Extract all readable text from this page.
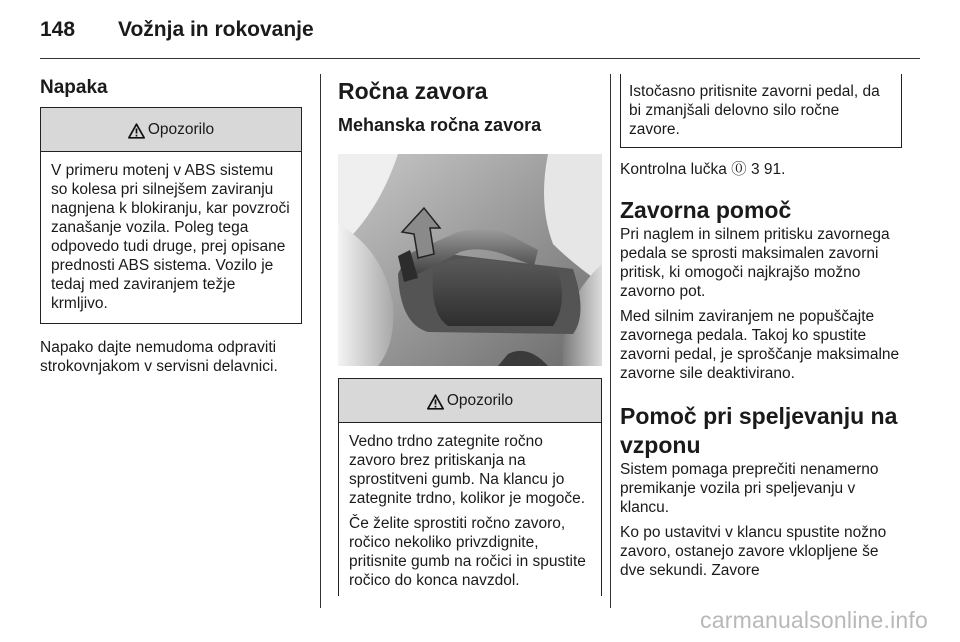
148 Vožnja in rokovanje
Napaka
Opozorilo

V primeru motenj v ABS sistemu so kolesa pri silnejšem zaviranju nagnjena k blokiranju, kar povzroči zanašanje vozila. Poleg tega odpovedo tudi druge, prej opisane prednosti ABS sistema. Vozilo je tedaj med zaviranjem težje krmljivo.

Napako dajte nemudoma odpraviti strokovnjakom v servisni delavnici.

Ročna zavora
Mehanska ročna zavora
Opozorilo

Vedno trdno zategnite ročno zavoro brez pritiskanja na sprostitveni gumb. Na klancu jo zategnite trdno, kolikor je mogoče.

Če želite sprostiti ročno zavoro, ročico nekoliko privzdignite, pritisnite gumb na ročici in spustite ročico do konca navzdol.

Istočasno pritisnite zavorni pedal, da bi zmanjšali delovno silo ročne zavore.

Kontrolna lučka ⓪ 3 91.

Zavorna pomoč

Pri naglem in silnem pritisku zavornega pedala se sprosti maksimalen zavorni pritisk, ki omogoči najkrajšo možno zavorno pot.

Med silnim zaviranjem ne popuščajte zavornega pedala. Takoj ko spustite zavorni pedal, je sproščanje maksimalne zavorne sile deaktivirano.

Pomoč pri speljevanju na vzponu

Sistem pomaga preprečiti nenamerno premikanje vozila pri speljevanju v klancu.

Ko po ustavitvi v klancu spustite nožno zavoro, ostanejo zavore vklopljene še dve sekundi. Zavore

carmanualsonline.info
